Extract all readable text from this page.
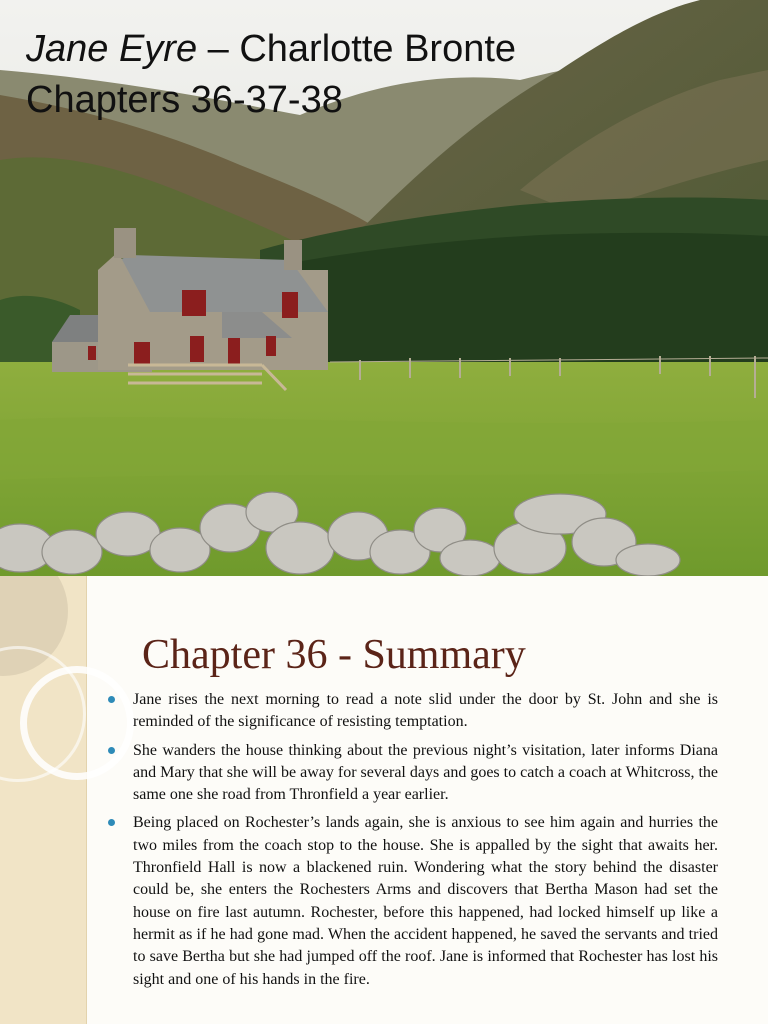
Jane Eyre – Charlotte Bronte
Chapters 36-37-38
Chapter 36 - Summary
Jane rises the next morning to read a note slid under the door by St. John and she is reminded of the significance of resisting temptation.
She wanders the house thinking about the previous night’s visitation, later informs Diana and Mary that she will be away for several days and goes to catch a coach at Whitcross, the same one she road from Thronfield a year earlier.
Being placed on Rochester’s lands again, she is anxious to see him again and hurries the two miles from the coach stop to the house. She is appalled by the sight that awaits her. Thronfield Hall is now a blackened ruin. Wondering what the story behind the disaster could be, she enters the Rochesters Arms and discovers that Bertha Mason had set the house on fire last autumn. Rochester, before this happened, had locked himself up like a hermit as if he had gone mad. When the accident happened, he saved the servants and tried to save Bertha but she had jumped off the roof. Jane is informed that Rochester has lost his sight and one of his hands in the fire.
